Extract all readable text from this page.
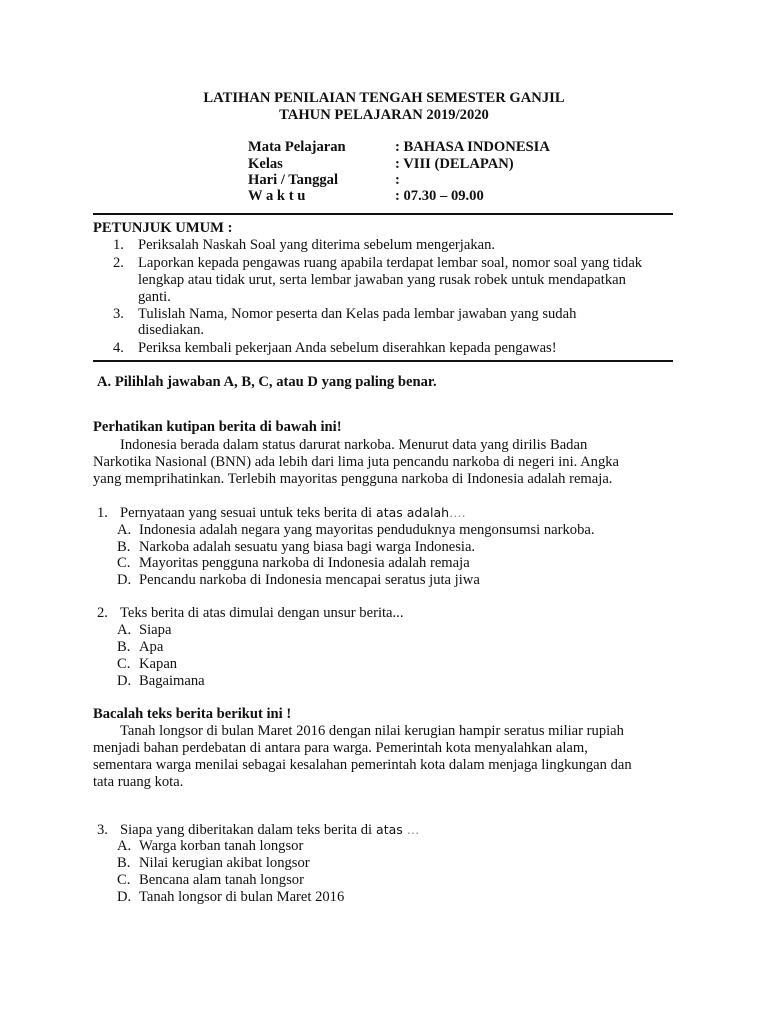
LATIHAN PENILAIAN TENGAH SEMESTER GANJIL
TAHUN PELAJARAN 2019/2020
Mata Pelajaran	: BAHASA INDONESIA
Kelas	: VIII (DELAPAN)
Hari / Tanggal	:
W a k t u	: 07.30 – 09.00
PETUNJUK UMUM :
1. Periksalah Naskah Soal yang diterima sebelum mengerjakan.
2. Laporkan kepada pengawas ruang apabila terdapat lembar soal, nomor soal yang tidak
lengkap atau tidak urut, serta lembar jawaban yang rusak robek untuk mendapatkan
ganti.
3. Tulislah Nama, Nomor peserta dan Kelas pada lembar jawaban yang sudah
disediakan.
4. Periksa kembali pekerjaan Anda sebelum diserahkan kepada pengawas!
A. Pilihlah jawaban A, B, C, atau D yang paling benar.
Perhatikan kutipan berita di bawah ini!
Indonesia berada dalam status darurat narkoba. Menurut data yang dirilis Badan
Narkotika Nasional (BNN) ada lebih dari lima juta pencandu narkoba di negeri ini. Angka
yang memprihatinkan. Terlebih mayoritas pengguna narkoba di Indonesia adalah remaja.
1. Pernyataan yang sesuai untuk teks berita di atas adalah….
A. Indonesia adalah negara yang mayoritas penduduknya mengonsumsi narkoba.
B. Narkoba adalah sesuatu yang biasa bagi warga Indonesia.
C. Mayoritas pengguna narkoba di Indonesia adalah remaja
D. Pencandu narkoba di Indonesia mencapai seratus juta jiwa
2. Teks berita di atas dimulai dengan unsur berita...
A. Siapa
B. Apa
C. Kapan
D. Bagaimana
Bacalah teks berita berikut ini !
Tanah longsor di bulan Maret 2016 dengan nilai kerugian hampir seratus miliar rupiah
menjadi bahan perdebatan di antara para warga. Pemerintah kota menyalahkan alam,
sementara warga menilai sebagai kesalahan pemerintah kota dalam menjaga lingkungan dan
tata ruang kota.
3. Siapa yang diberitakan dalam teks berita di atas …
A. Warga korban tanah longsor
B. Nilai kerugian akibat longsor
C. Bencana alam tanah longsor
D. Tanah longsor di bulan Maret 2016
